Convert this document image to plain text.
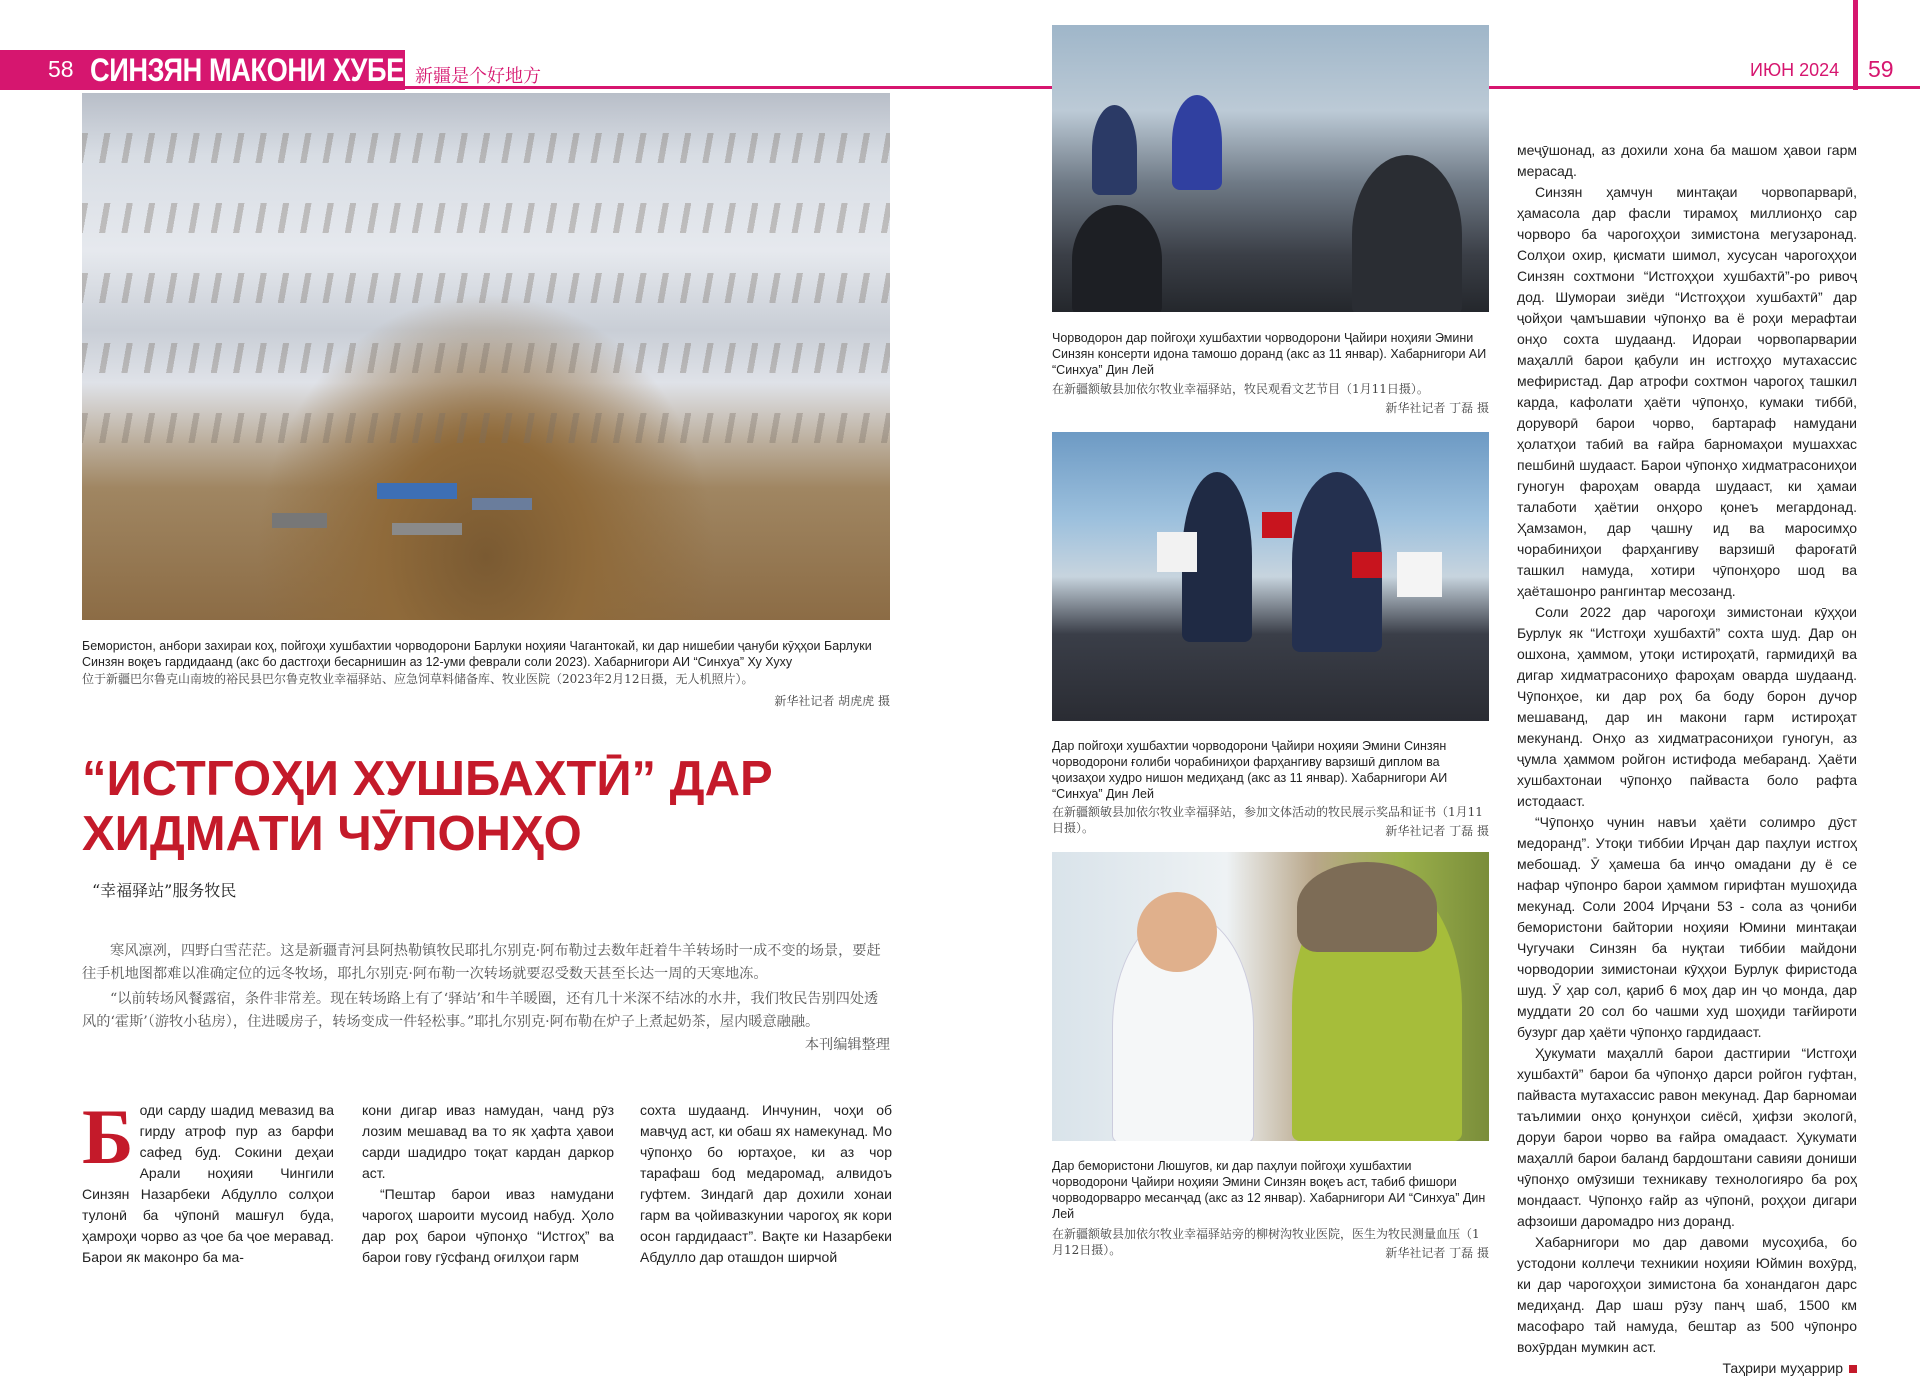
58 СИНЗЯН МАКОНИ ХУБЕСТ
新疆是个好地方	ИЮН 2024 59
Бемористон, анбори захираи коҳ, пойгоҳи хушбахтии чорводорони Барлуки ноҳияи Чагантокай, ки дар нишебии ҷануби кӯҳҳои Барлуки Синзян воқеъ гардидаанд (акс бо дастгоҳи бесарнишин аз 12-уми феврали соли 2023). Хабарнигори АИ “Синхуа” Ху Хуху
位于新疆巴尔鲁克山南坡的裕民县巴尔鲁克牧业幸福驿站、应急饲草料储备库、牧业医院（2023年2月12日摄，无人机照片）。
新华社记者 胡虎虎 摄
Чорводорон дар пойгоҳи хушбахтии чорводорони Ҷайири ноҳияи Эмини Синзян консерти идона тамошо доранд (акс аз 11 январ). Хабарнигори АИ “Синхуа” Дин Лей
在新疆额敏县加依尔牧业幸福驿站，牧民观看文艺节目（1月11日摄）。
新华社记者 丁磊 摄
Дар пойгоҳи хушбахтии чорводорони Ҷайири ноҳияи Эмини Синзян чорводорони ғолиби чорабиниҳои фарҳангиву варзишӣ диплом ва ҷоизаҳои худро нишон медиҳанд (акс аз 11 январ). Хабарнигори АИ “Синхуа” Дин Лей
在新疆额敏县加依尔牧业幸福驿站，参加文体活动的牧民展示奖品和证书（1月11日摄）。	新华社记者 丁磊 摄
Дар бемористони Люшугов, ки дар паҳлуи пойгоҳи хушбахтии чорводорони Ҷайири ноҳияи Эмини Синзян воқеъ аст, табиб фишори чорводорварро месанҷад (акс аз 12 январ). Хабарнигори АИ “Синхуа” Дин Лей
在新疆额敏县加依尔牧业幸福驿站旁的柳树沟牧业医院，医生为牧民测量血压（1月12日摄）。	新华社记者 丁磊 摄
“ИСТГОҲИ ХУШБАХТӢ” ДАР
ХИДМАТИ ЧӮПОНҲО
“幸福驿站”服务牧民
寒风凛冽，四野白雪茫茫。这是新疆青河县阿热勒镇牧民耶扎尔别克·阿布勒过去数年赶着牛羊转场时一成不变的场景，要赶往手机地图都难以准确定位的远冬牧场，耶扎尔别克·阿布勒一次转场就要忍受数天甚至长达一周的天寒地冻。
“以前转场风餐露宿，条件非常差。现在转场路上有了‘驿站’和牛羊暖圈，还有几十米深不结冰的水井，我们牧民告别四处透风的‘霍斯’（游牧小毡房），住进暖房子，转场变成一件轻松事。”耶扎尔别克·阿布勒在炉子上煮起奶茶，屋内暖意融融。
本刊编辑整理
Боди сарду шадид мевазид ва гирду атроф пур аз барфи сафед буд. Сокини деҳаи Арали ноҳияи Чингили Синзян Назарбеки Абдулло солҳои тулонӣ ба чӯпонӣ машғул буда, ҳамроҳи чорво аз ҷое ба ҷое меравад. Барои як маконро ба ма-

кони дигар иваз намудан, чанд рӯз лозим мешавад ва то як ҳафта ҳавои сарди шадидро тоқат кардан даркор аст.

“Пештар барои иваз намудани чарогоҳ шароити мусоид набуд. Ҳоло дар роҳ барои чӯпонҳо “Истгоҳ” ва барои гову гӯсфанд оғилҳои гарм

сохта шудаанд. Инчунин, чоҳи об мавҷуд аст, ки обаш ях намекунад. Мо чӯпонҳо бо юртаҳое, ки аз чор тарафаш бод медаромад, алвидоъ гуфтем. Зиндагӣ дар дохили хонаи гарм ва ҷойивазкунии чарогоҳ як кори осон гардидааст”. Вақте ки Назарбеки Абдулло дар оташдон ширчой

меҷӯшонад, аз дохили хона ба машом ҳавои гарм мерасад.

Синзян ҳамчун минтақаи чорвопарварӣ, ҳамасола дар фасли тирамоҳ миллионҳо сар чорворо ба чарогоҳҳои зимистона мегузаронад. Солҳои охир, қисмати шимол, хусусан чарогоҳҳои Синзян сохтмони “Истгоҳҳои хушбахтӣ”-ро ривоҷ дод. Шумораи зиёди “Истгоҳҳои хушбахтӣ” дар ҷойҳои ҷамъшавии чӯпонҳо ва ё роҳи мерафтаи онҳо сохта шудаанд. Идораи чорвопарварии маҳаллӣ барои қабули ин истгоҳҳо мутахассис мефиристад. Дар атрофи сохтмон чарогоҳ ташкил карда, кафолати ҳаёти чӯпонҳо, кумаки тиббӣ, доруворӣ барои чорво, бартараф намудани ҳолатҳои табиӣ ва ғайра барномаҳои мушаххас пешбинӣ шудааст. Барои чӯпонҳо хидматрасониҳои гуногун фароҳам оварда шудааст, ки ҳамаи талаботи ҳаётии онҳоро қонеъ мегардонад. Ҳамзамон, дар ҷашну ид ва маросимҳо чорабиниҳои фарҳангиву варзишӣ фароғатӣ ташкил намуда, хотири чӯпонҳоро шод ва ҳаёташонро рангинтар месозанд.

Соли 2022 дар чарогоҳи зимистонаи кӯҳҳои Бурлук як “Истгоҳи хушбахтӣ” сохта шуд. Дар он ошхона, ҳаммом, утоқи истироҳатӣ, гармидиҳӣ ва дигар хидматрасониҳо фароҳам оварда шудаанд. Чӯпонҳое, ки дар роҳ ба боду борон дучор мешаванд, дар ин макони гарм истироҳат мекунанд. Онҳо аз хидматрасониҳои гуногун, аз ҷумла ҳаммом ройгон истифода мебаранд. Ҳаёти хушбахтонаи чӯпонҳо пайваста боло рафта истодааст.

“Чӯпонҳо чунин навъи ҳаёти солимро дӯст медоранд”. Утоқи тиббии Ирҷан дар паҳлуи истгоҳ мебошад. Ӯ ҳамеша ба инҷо омадани ду ё се нафар чӯпонро барои ҳаммом гирифтан мушоҳида мекунад. Соли 2004 Ирҷани 53 - сола аз ҷониби бемористони байтории ноҳияи Юмини минтақаи Чугучаки Синзян ба нуқтаи тиббии майдони чорводории зимистонаи кӯҳҳои Бурлук фиристода шуд. Ӯ ҳар сол, қариб 6 моҳ дар ин ҷо монда, дар муддати 20 сол бо чашми худ шоҳиди тағйироти бузург дар ҳаёти чӯпонҳо гардидааст.

Ҳукумати маҳаллӣ барои дастгирии “Истгоҳи хушбахтӣ” барои ба чӯпонҳо дарси ройгон гуфтан, пайваста мутахассис равон мекунад. Дар барномаи таълимии онҳо қонунҳои сиёсӣ, ҳифзи экологӣ, доруи барои чорво ва ғайра омадааст. Ҳукумати маҳаллӣ барои баланд бардоштани савияи дониши чӯпонҳо омӯзиши техникаву технологияро ба роҳ мондааст. Чӯпонҳо ғайр аз чӯпонӣ, роҳҳои дигари афзоиши даромадро низ доранд.

Хабарнигори мо дар давоми мусоҳиба, бо устодони коллеҷи техникии ноҳияи Юймин вохӯрд, ки дар чарогоҳҳои зимистона ба хонандагон дарс медиҳанд. Дар шаш рӯзу панҷ шаб, 1500 км масофаро тай намуда, бештар аз 500 чӯпонро вохӯрдан мумкин аст.

Таҳрири муҳаррир
